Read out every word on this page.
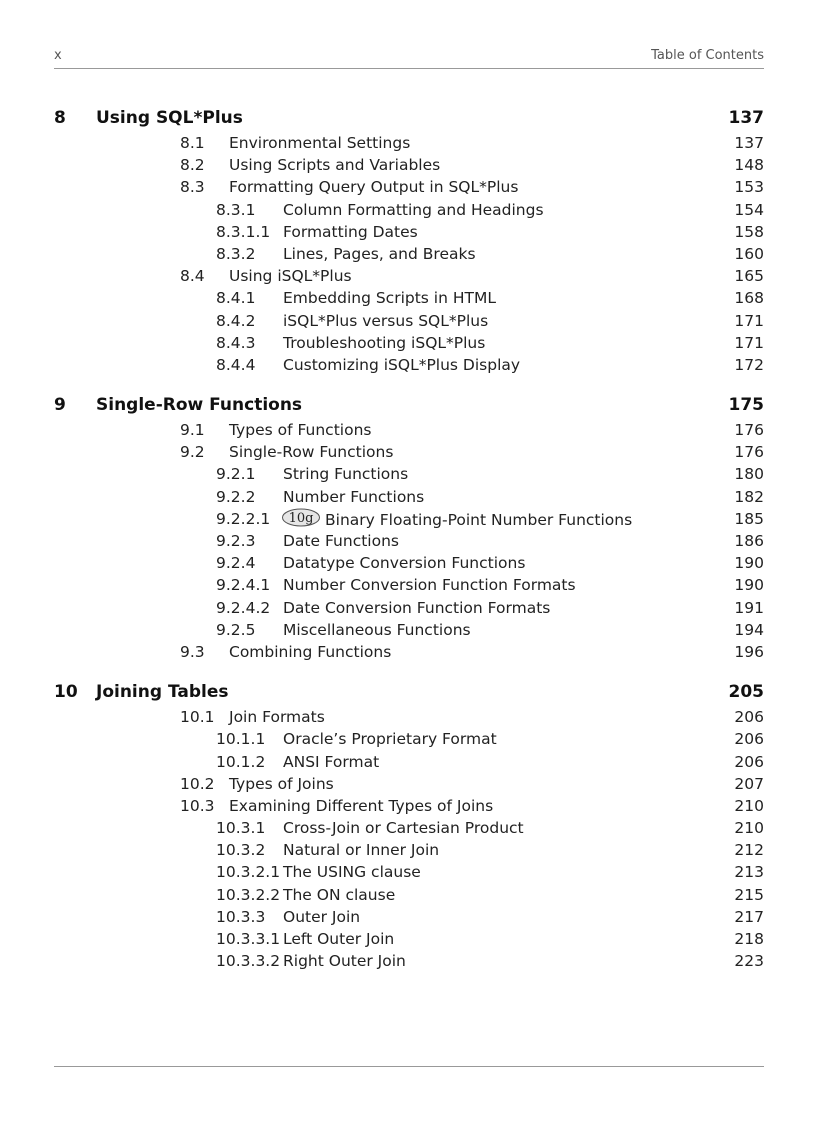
x	Table of Contents
8 Using SQL*Plus	137
8.1 Environmental Settings	137
8.2 Using Scripts and Variables	148
8.3 Formatting Query Output in SQL*Plus	153
8.3.1 Column Formatting and Headings	154
8.3.1.1 Formatting Dates	158
8.3.2 Lines, Pages, and Breaks	160
8.4 Using iSQL*Plus	165
8.4.1 Embedding Scripts in HTML	168
8.4.2 iSQL*Plus versus SQL*Plus	171
8.4.3 Troubleshooting iSQL*Plus	171
8.4.4 Customizing iSQL*Plus Display	172
9 Single-Row Functions	175
9.1 Types of Functions	176
9.2 Single-Row Functions	176
9.2.1 String Functions	180
9.2.2 Number Functions	182
9.2.2.1 10g Binary Floating-Point Number Functions	185
9.2.3 Date Functions	186
9.2.4 Datatype Conversion Functions	190
9.2.4.1 Number Conversion Function Formats	190
9.2.4.2 Date Conversion Function Formats	191
9.2.5 Miscellaneous Functions	194
9.3 Combining Functions	196
10 Joining Tables	205
10.1 Join Formats	206
10.1.1 Oracle’s Proprietary Format	206
10.1.2 ANSI Format	206
10.2 Types of Joins	207
10.3 Examining Different Types of Joins	210
10.3.1 Cross-Join or Cartesian Product	210
10.3.2 Natural or Inner Join	212
10.3.2.1 The USING clause	213
10.3.2.2 The ON clause	215
10.3.3 Outer Join	217
10.3.3.1 Left Outer Join	218
10.3.3.2 Right Outer Join	223
